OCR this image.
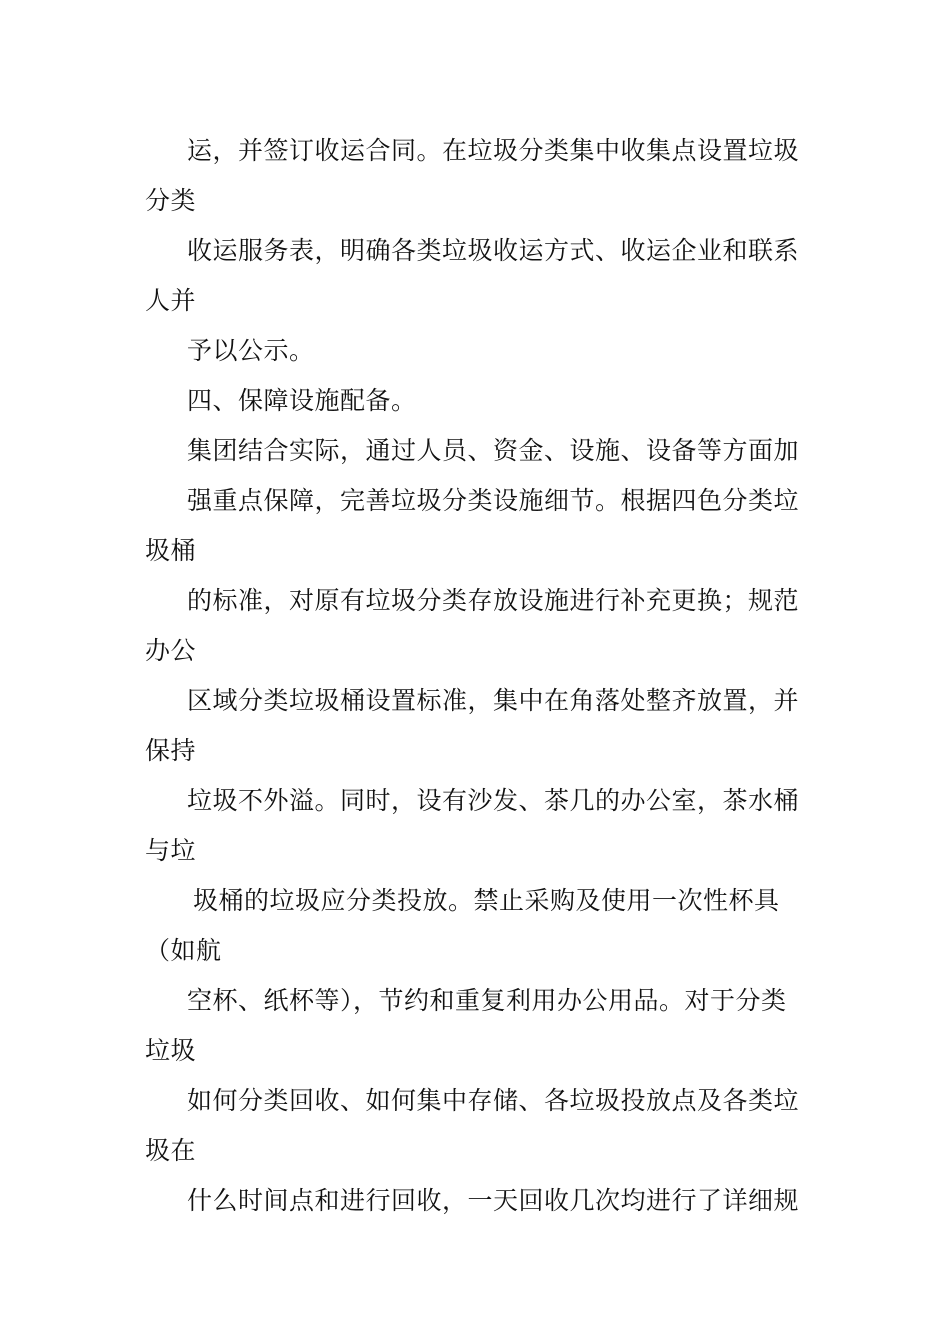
运，并签订收运合同。在垃圾分类集中收集点设置垃圾
分类
收运服务表，明确各类垃圾收运方式、收运企业和联系
人并
予以公示。
四、保障设施配备。
集团结合实际，通过人员、资金、设施、设备等方面加
强重点保障，完善垃圾分类设施细节。根据四色分类垃
圾桶
的标准，对原有垃圾分类存放设施进行补充更换；规范
办公
区域分类垃圾桶设置标准，集中在角落处整齐放置，并
保持
垃圾不外溢。同时，设有沙发、茶几的办公室，茶水桶
与垃
圾桶的垃圾应分类投放。禁止采购及使用一次性杯具
（如航
空杯、纸杯等），节约和重复利用办公用品。对于分类
垃圾
如何分类回收、如何集中存储、各垃圾投放点及各类垃
圾在
什么时间点和进行回收，一天回收几次均进行了详细规
